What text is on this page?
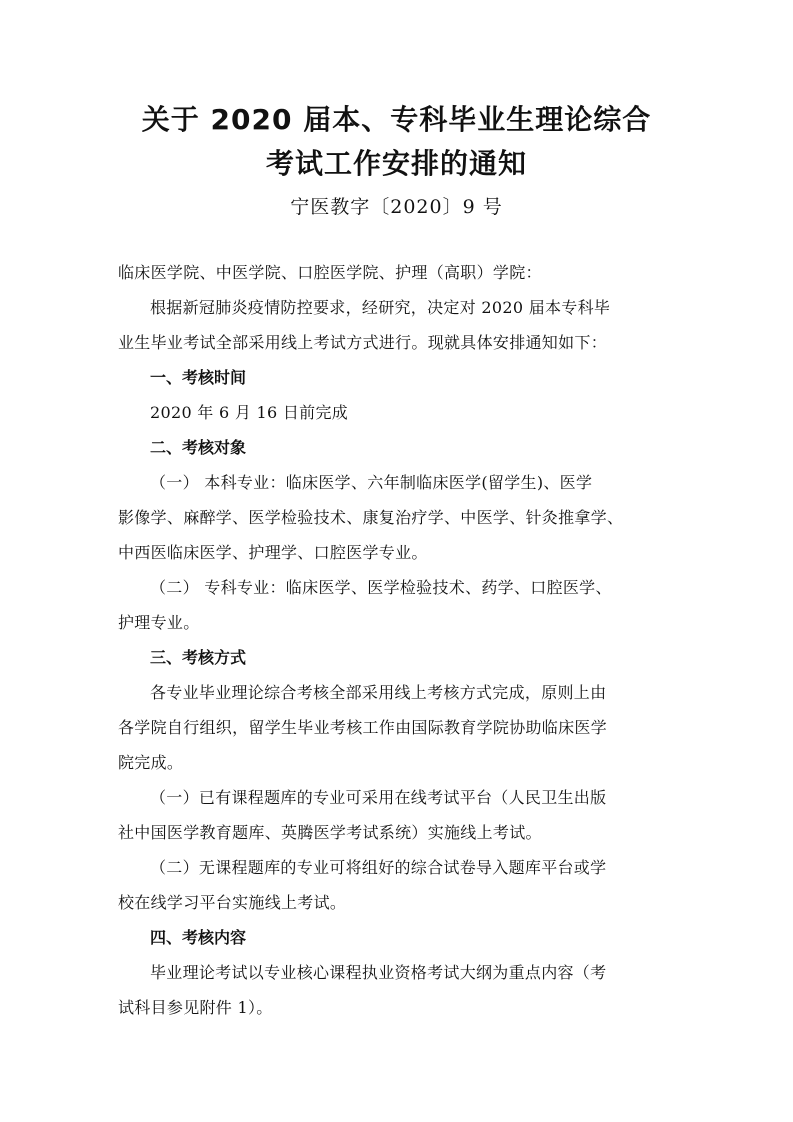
关于 2020 届本、专科毕业生理论综合
考试工作安排的通知
宁医教字〔2020〕9 号
临床医学院、中医学院、口腔医学院、护理（高职）学院：
根据新冠肺炎疫情防控要求，经研究，决定对 2020 届本专科毕
业生毕业考试全部采用线上考试方式进行。现就具体安排通知如下：
一、考核时间
2020 年 6 月 16 日前完成
二、考核对象
（一） 本科专业：临床医学、六年制临床医学(留学生)、医学
影像学、麻醉学、医学检验技术、康复治疗学、中医学、针灸推拿学、
中西医临床医学、护理学、口腔医学专业。
（二） 专科专业：临床医学、医学检验技术、药学、口腔医学、
护理专业。
三、考核方式
各专业毕业理论综合考核全部采用线上考核方式完成，原则上由
各学院自行组织，留学生毕业考核工作由国际教育学院协助临床医学
院完成。
（一）已有课程题库的专业可采用在线考试平台（人民卫生出版
社中国医学教育题库、英腾医学考试系统）实施线上考试。
（二）无课程题库的专业可将组好的综合试卷导入题库平台或学
校在线学习平台实施线上考试。
四、考核内容
毕业理论考试以专业核心课程执业资格考试大纲为重点内容（考
试科目参见附件 1）。
